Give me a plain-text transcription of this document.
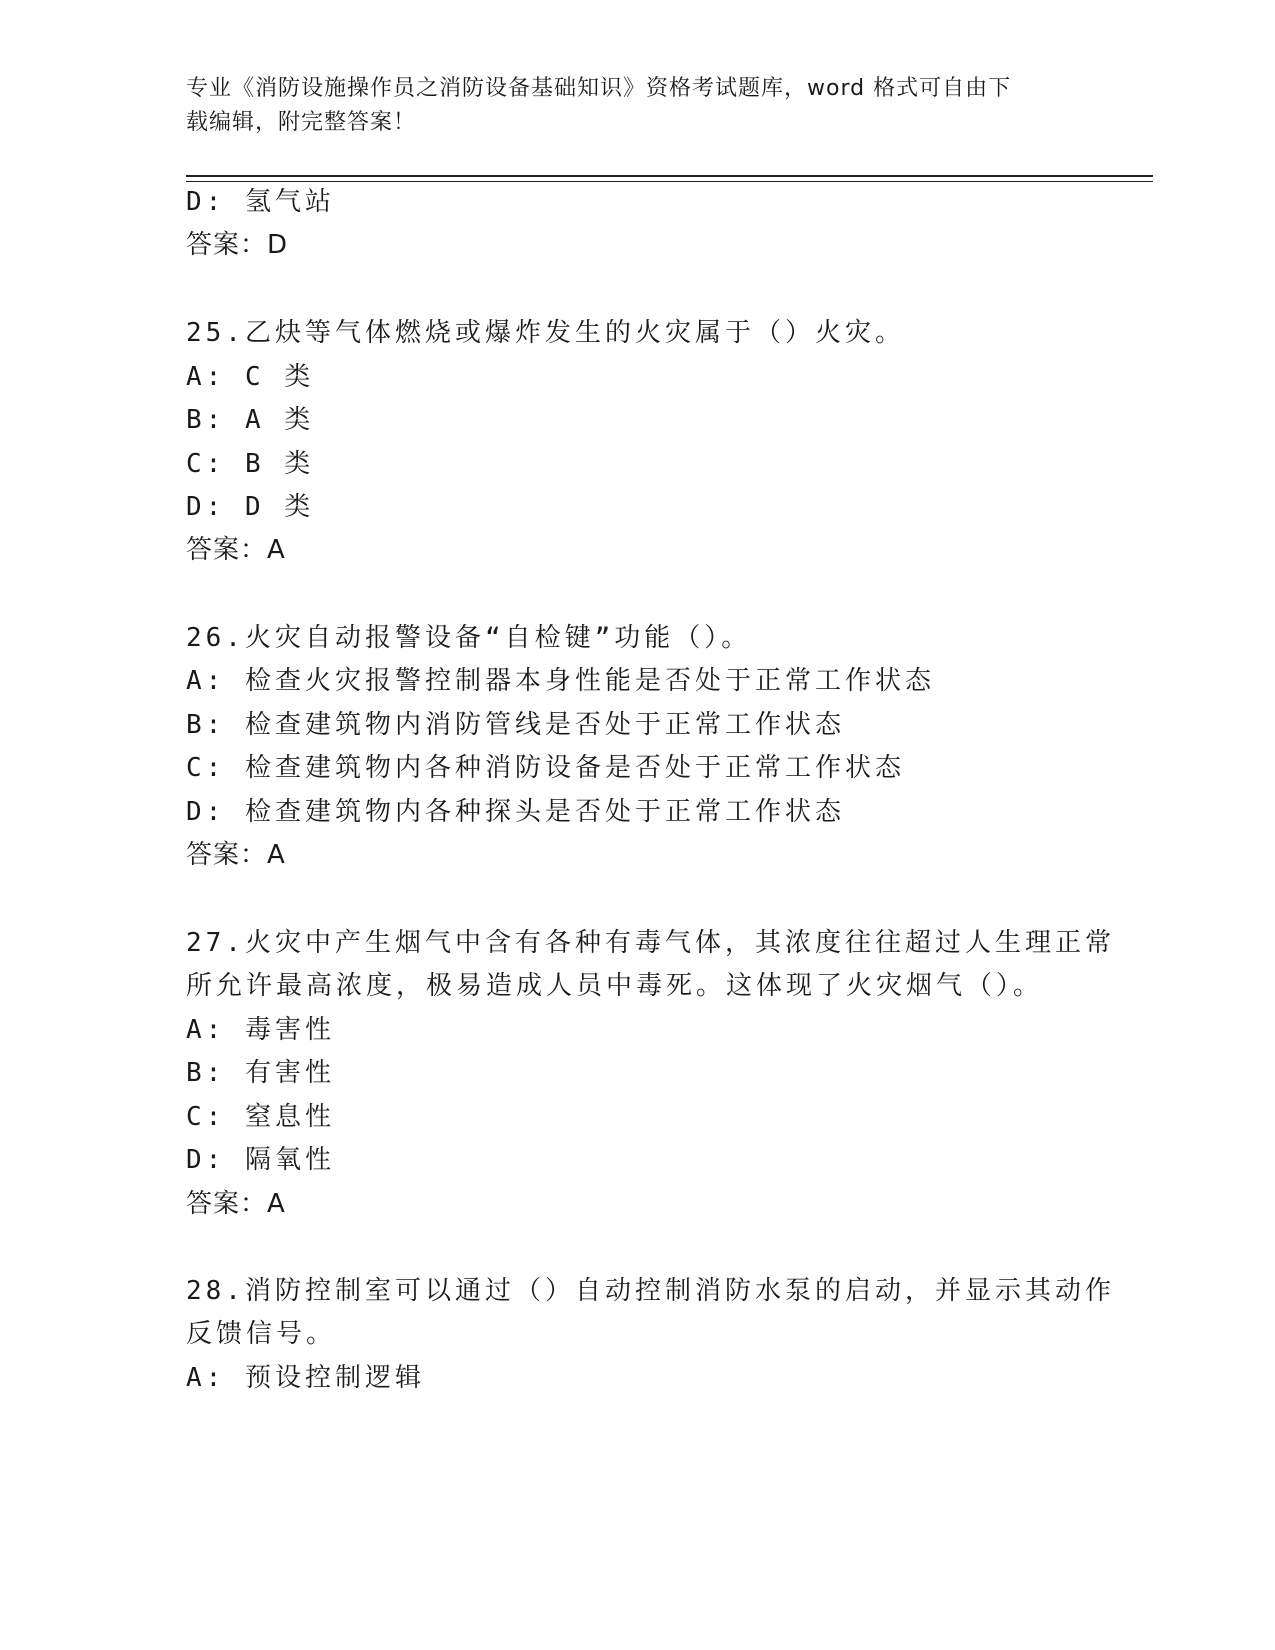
专业《消防设施操作员之消防设备基础知识》资格考试题库，word 格式可自由下
载编辑，附完整答案！
D: 氢气站
答案：D
25.乙炔等气体燃烧或爆炸发生的火灾属于（）火灾。
A: C 类
B: A 类
C: B 类
D: D 类
答案：A
26.火灾自动报警设备“自检键”功能（）。
A: 检查火灾报警控制器本身性能是否处于正常工作状态
B: 检查建筑物内消防管线是否处于正常工作状态
C: 检查建筑物内各种消防设备是否处于正常工作状态
D: 检查建筑物内各种探头是否处于正常工作状态
答案：A
27.火灾中产生烟气中含有各种有毒气体，其浓度往往超过人生理正常
所允许最高浓度，极易造成人员中毒死。这体现了火灾烟气（）。
A: 毒害性
B: 有害性
C: 窒息性
D: 隔氧性
答案：A
28.消防控制室可以通过（）自动控制消防水泵的启动，并显示其动作
反馈信号。
A: 预设控制逻辑
